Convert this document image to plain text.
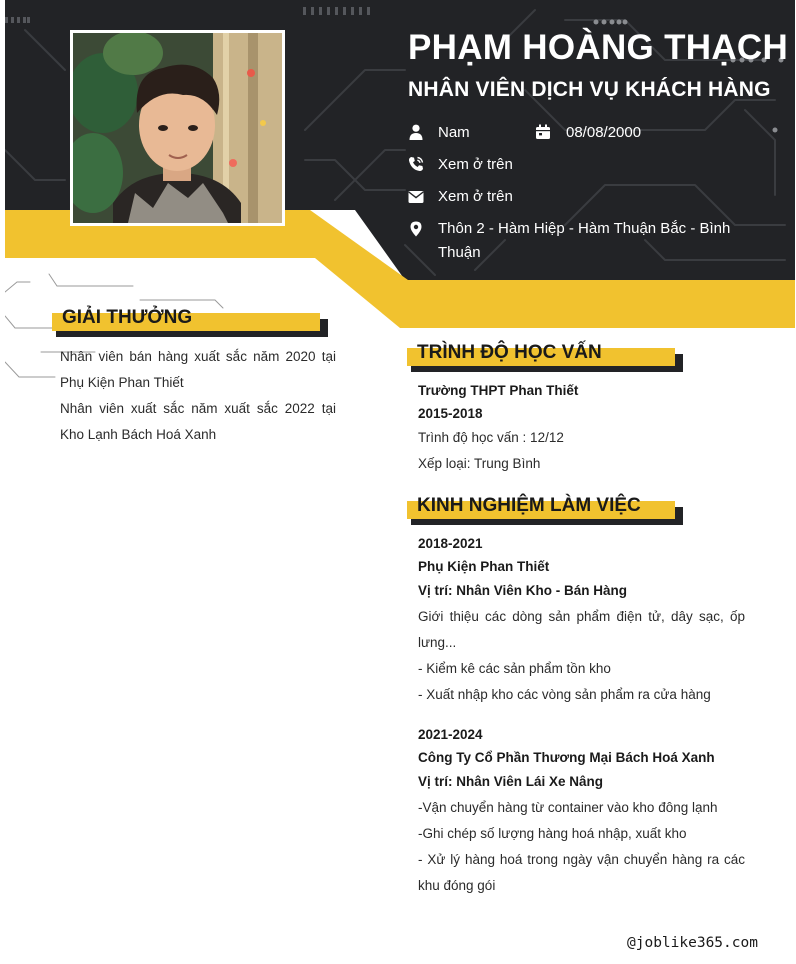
PHẠM HOÀNG THẠCH
NHÂN VIÊN DỊCH VỤ KHÁCH HÀNG
Nam	08/08/2000
Xem ở trên
Xem ở trên
Thôn 2 - Hàm Hiệp - Hàm Thuận Bắc - Bình
Thuận
GIẢI THƯỞNG

Nhân viên bán hàng xuất sắc năm 2020 tại Phụ Kiện Phan Thiết

Nhân viên xuất sắc năm xuất sắc 2022 tại Kho Lạnh Bách Hoá Xanh

TRÌNH ĐỘ HỌC VẤN

Trường THPT Phan Thiết

2015-2018

Trình độ học vấn : 12/12

Xếp loại: Trung Bình

KINH NGHIỆM LÀM VIỆC

2018-2021

Phụ Kiện Phan Thiết

Vị trí: Nhân Viên Kho - Bán Hàng

Giới thiệu các dòng sản phẩm điện tử, dây sạc, ốp lưng...

- Kiểm kê các sản phẩm tồn kho

- Xuất nhập kho các vòng sản phẩm ra cửa hàng

2021-2024

Công Ty Cổ Phần Thương Mại Bách Hoá Xanh

Vị trí: Nhân Viên Lái Xe Nâng

-Vận chuyển hàng từ container vào kho đông lạnh

-Ghi chép số lượng hàng hoá nhập, xuất kho

- Xử lý hàng hoá trong ngày vận chuyển hàng ra các khu đóng gói

@joblike365.com
